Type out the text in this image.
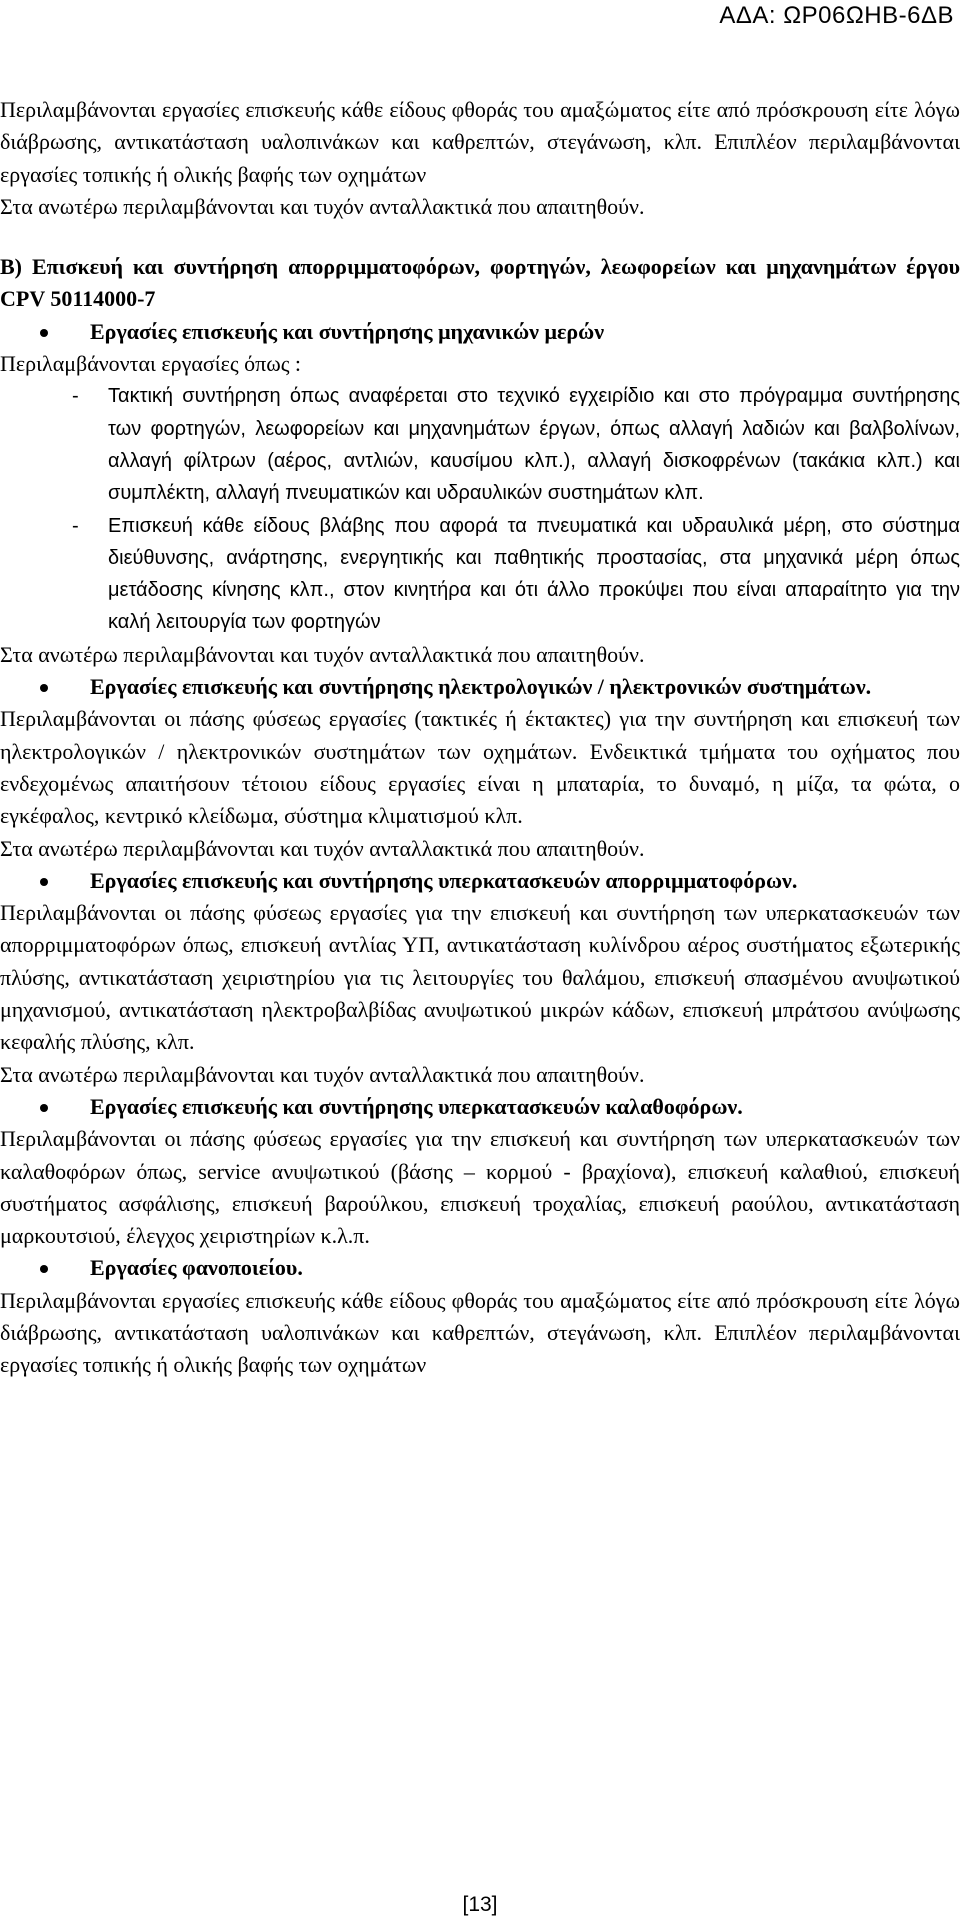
ΑΔΑ: ΩΡ06ΩΗΒ-6ΔΒ

Περιλαμβάνονται εργασίες επισκευής κάθε είδους φθοράς του αμαξώματος είτε από πρόσκρουση είτε λόγω διάβρωσης, αντικατάσταση υαλοπινάκων και καθρεπτών, στεγάνωση, κλπ. Επιπλέον περιλαμβάνονται εργασίες τοπικής ή ολικής βαφής των οχημάτων

Στα ανωτέρω περιλαμβάνονται και τυχόν ανταλλακτικά που απαιτηθούν.

Β) Επισκευή και συντήρηση απορριμματοφόρων, φορτηγών, λεωφορείων και μηχανημάτων έργου CPV 50114000-7

Εργασίες επισκευής και συντήρησης μηχανικών μερών

Περιλαμβάνονται εργασίες όπως :

- Τακτική συντήρηση όπως αναφέρεται στο τεχνικό εγχειρίδιο και στο πρόγραμμα συντήρησης των φορτηγών, λεωφορείων και μηχανημάτων έργων, όπως αλλαγή λαδιών και βαλβολίνων, αλλαγή φίλτρων (αέρος, αντλιών, καυσίμου κλπ.), αλλαγή δισκοφρένων (τακάκια κλπ.) και συμπλέκτη, αλλαγή πνευματικών και υδραυλικών συστημάτων κλπ.
- Επισκευή κάθε είδους βλάβης που αφορά τα πνευματικά και υδραυλικά μέρη, στο σύστημα διεύθυνσης, ανάρτησης, ενεργητικής και παθητικής προστασίας, στα μηχανικά μέρη όπως μετάδοσης κίνησης κλπ., στον κινητήρα και ότι άλλο προκύψει που είναι απαραίτητο για την καλή λειτουργία των φορτηγών

Στα ανωτέρω περιλαμβάνονται και τυχόν ανταλλακτικά που απαιτηθούν.

Εργασίες επισκευής και συντήρησης ηλεκτρολογικών / ηλεκτρονικών συστημάτων.

Περιλαμβάνονται οι πάσης φύσεως εργασίες (τακτικές ή έκτακτες) για την συντήρηση και επισκευή των ηλεκτρολογικών / ηλεκτρονικών συστημάτων των οχημάτων. Ενδεικτικά τμήματα του οχήματος που ενδεχομένως απαιτήσουν τέτοιου είδους εργασίες είναι η μπαταρία, το δυναμό, η μίζα, τα φώτα, ο εγκέφαλος, κεντρικό κλείδωμα, σύστημα κλιματισμού κλπ.

Στα ανωτέρω περιλαμβάνονται και τυχόν ανταλλακτικά που απαιτηθούν.

Εργασίες επισκευής και συντήρησης υπερκατασκευών απορριμματοφόρων.

Περιλαμβάνονται οι πάσης φύσεως εργασίες για την επισκευή και συντήρηση των υπερκατασκευών των απορριμματοφόρων όπως, επισκευή αντλίας ΥΠ, αντικατάσταση κυλίνδρου αέρος συστήματος εξωτερικής πλύσης, αντικατάσταση χειριστηρίου για τις λειτουργίες του θαλάμου, επισκευή σπασμένου ανυψωτικού μηχανισμού, αντικατάσταση ηλεκτροβαλβίδας ανυψωτικού μικρών κάδων, επισκευή μπράτσου ανύψωσης κεφαλής πλύσης, κλπ.

Στα ανωτέρω περιλαμβάνονται και τυχόν ανταλλακτικά που απαιτηθούν.

Εργασίες επισκευής και συντήρησης υπερκατασκευών καλαθοφόρων.

Περιλαμβάνονται οι πάσης φύσεως εργασίες για την επισκευή και συντήρηση των υπερκατασκευών των καλαθοφόρων όπως, service ανυψωτικού (βάσης – κορμού - βραχίονα), επισκευή καλαθιού, επισκευή συστήματος ασφάλισης, επισκευή βαρούλκου, επισκευή τροχαλίας, επισκευή ραούλου, αντικατάσταση μαρκουτσιού, έλεγχος χειριστηρίων κ.λ.π.

Εργασίες φανοποιείου.

Περιλαμβάνονται εργασίες επισκευής κάθε είδους φθοράς του αμαξώματος είτε από πρόσκρουση είτε λόγω διάβρωσης, αντικατάσταση υαλοπινάκων και καθρεπτών, στεγάνωση, κλπ. Επιπλέον περιλαμβάνονται εργασίες τοπικής ή ολικής βαφής των οχημάτων

[13]
